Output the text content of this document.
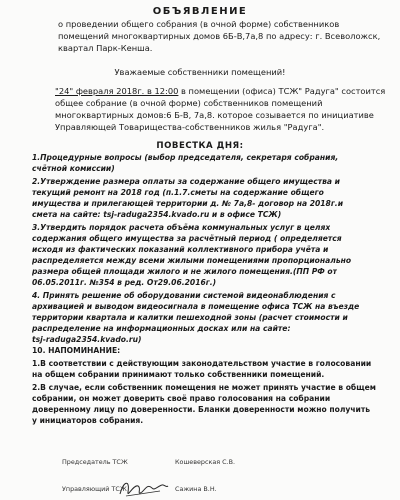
ОБЪЯВЛЕНИЕ
о проведении общего собрания (в очной форме) собственников
помещений многоквартирных домов 6Б-В,7а,8 по адресу: г. Всеволожск,
квартал Парк-Кенша.
Уважаемые собственники помещений!
"24" февраля 2018г. в 12:00 в помещении (офиса) ТСЖ" Радуга" состоится
общее собрание (в очной форме) собственников помещений
многоквартирных домов:6 Б-В, 7а,8. которое созывается по инициативе
Управляющей Товарищества-собственников жилья "Радуга".
ПОВЕСТКА ДНЯ:
1.Процедурные вопросы (выбор председателя, секретаря собрания,
счётной комиссии)
2.Утверждение размера оплаты за содержание общего имущества и
текущий ремонт на 2018 год (п.1.7.сметы на содержание общего
имущества и прилегающей территории д. № 7а,8- договор на 2018г.и
смета на сайте: tsj-raduga2354.kvado.ru и в офисе ТСЖ)
3.Утвердить порядок расчета объёма коммунальных услуг в целях
содержания общего имущества за расчётный период ( определяется
исходя из фактических показаний коллективного прибора учёта и
распределяется между всеми жилыми помещениями пропорционально
размера общей площади жилого и не жилого помещения.(ПП РФ от
06.05.2011г. №354 в ред. От29.06.2016г.)
4. Принять решение об оборудовании системой видеонаблюдения с
архивацией и выводом видеосигнала в помещение офиса ТСЖ на въезде
территории квартала и калитки пешеходной зоны (расчет стоимости и
распределение на информационных досках или на сайте:
tsj-raduga2354.kvado.ru)
10. НАПОМИНАНИЕ:
1.В соответствии с действующим законодательством участие в голосовании
на общем собрании принимают только собственники помещений.
2.В случае, если собственник помещения не может принять участие в общем
собрании, он может доверить своё право голосования на собрании
доверенному лицу по доверенности. Бланки доверенности можно получить
у инициаторов собрания.
Председатель ТСЖ	Кошеверская С.В.
Управляющий ТСЖ	Сажина В.Н.
